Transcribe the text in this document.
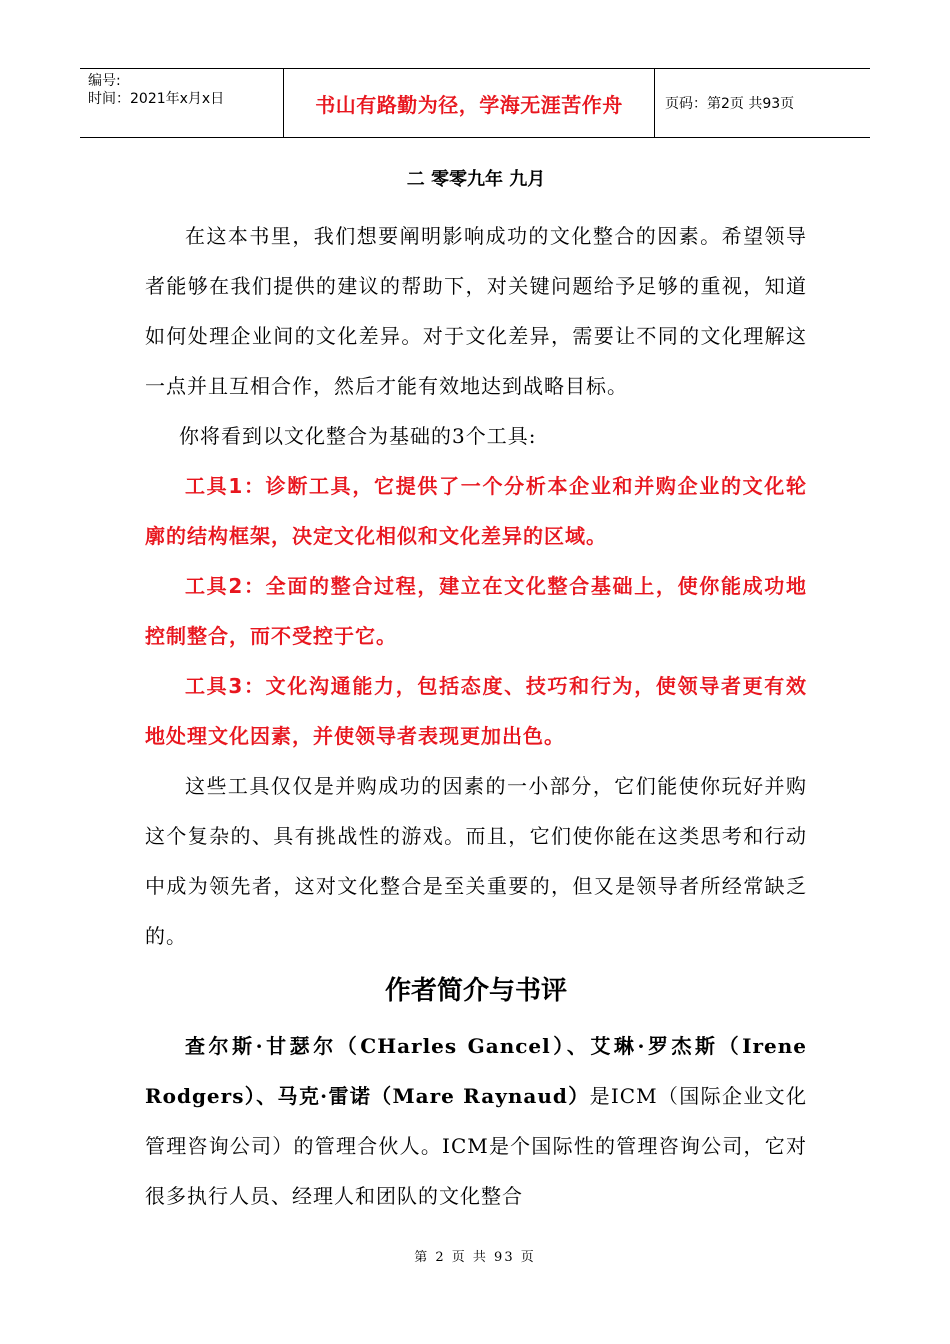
编号:
时间：2021年x月x日	书山有路勤为径，学海无涯苦作舟	页码：第2页 共93页
二 零零九年 九月

在这本书里，我们想要阐明影响成功的文化整合的因素。希望领导者能够在我们提供的建议的帮助下，对关键问题给予足够的重视，知道如何处理企业间的文化差异。对于文化差异，需要让不同的文化理解这一点并且互相合作，然后才能有效地达到战略目标。

你将看到以文化整合为基础的3个工具:

工具1：诊断工具，它提供了一个分析本企业和并购企业的文化轮廓的结构框架，决定文化相似和文化差异的区域。

工具2：全面的整合过程，建立在文化整合基础上，使你能成功地控制整合，而不受控于它。

工具3：文化沟通能力，包括态度、技巧和行为，使领导者更有效地处理文化因素，并使领导者表现更加出色。

这些工具仅仅是并购成功的因素的一小部分，它们能使你玩好并购这个复杂的、具有挑战性的游戏。而且，它们使你能在这类思考和行动中成为领先者，这对文化整合是至关重要的，但又是领导者所经常缺乏的。

作者简介与书评

查尔斯·甘瑟尔（CHarles Gancel）、艾琳·罗杰斯（Irene Rodgers）、马克·雷诺（Mare Raynaud）是ICM（国际企业文化管理咨询公司）的管理合伙人。ICM是个国际性的管理咨询公司，它对很多执行人员、经理人和团队的文化整合

第 2 页 共 93 页
